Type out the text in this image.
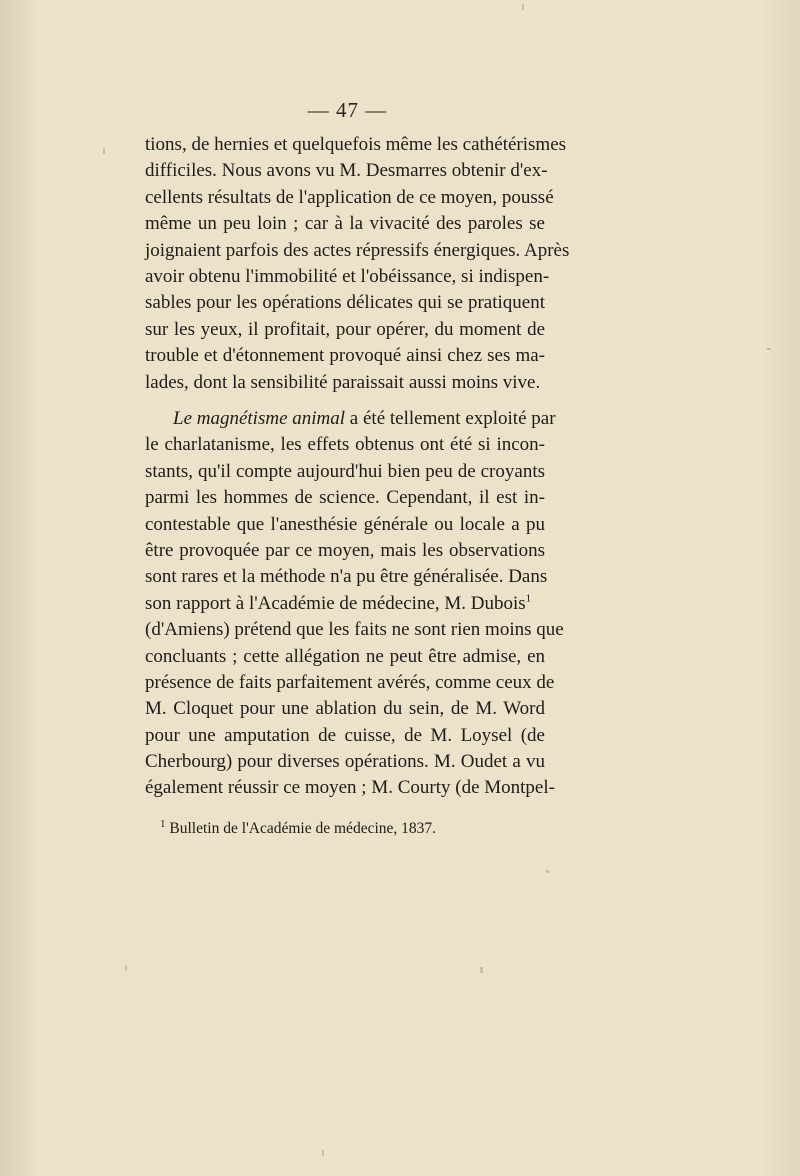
— 47 —
tions, de hernies et quelquefois même les cathétérismes
difficiles. Nous avons vu M. Desmarres obtenir d'ex-
cellents résultats de l'application de ce moyen, poussé
même un peu loin ; car à la vivacité des paroles se
joignaient parfois des actes répressifs énergiques. Après
avoir obtenu l'immobilité et l'obéissance, si indispen-
sables pour les opérations délicates qui se pratiquent
sur les yeux, il profitait, pour opérer, du moment de
trouble et d'étonnement provoqué ainsi chez ses ma-
lades, dont la sensibilité paraissait aussi moins vive.
Le magnétisme animal a été tellement exploité par
le charlatanisme, les effets obtenus ont été si incon-
stants, qu'il compte aujourd'hui bien peu de croyants
parmi les hommes de science. Cependant, il est in-
contestable que l'anesthésie générale ou locale a pu
être provoquée par ce moyen, mais les observations
sont rares et la méthode n'a pu être généralisée. Dans
son rapport à l'Académie de médecine, M. Dubois$^1$
(d'Amiens) prétend que les faits ne sont rien moins que
concluants ; cette allégation ne peut être admise, en
présence de faits parfaitement avérés, comme ceux de
M. Cloquet pour une ablation du sein, de M. Word
pour une amputation de cuisse, de M. Loysel (de
Cherbourg) pour diverses opérations. M. Oudet a vu
également réussir ce moyen ; M. Courty (de Montpel-
$^1$ Bulletin de l'Académie de médecine, 1837.
